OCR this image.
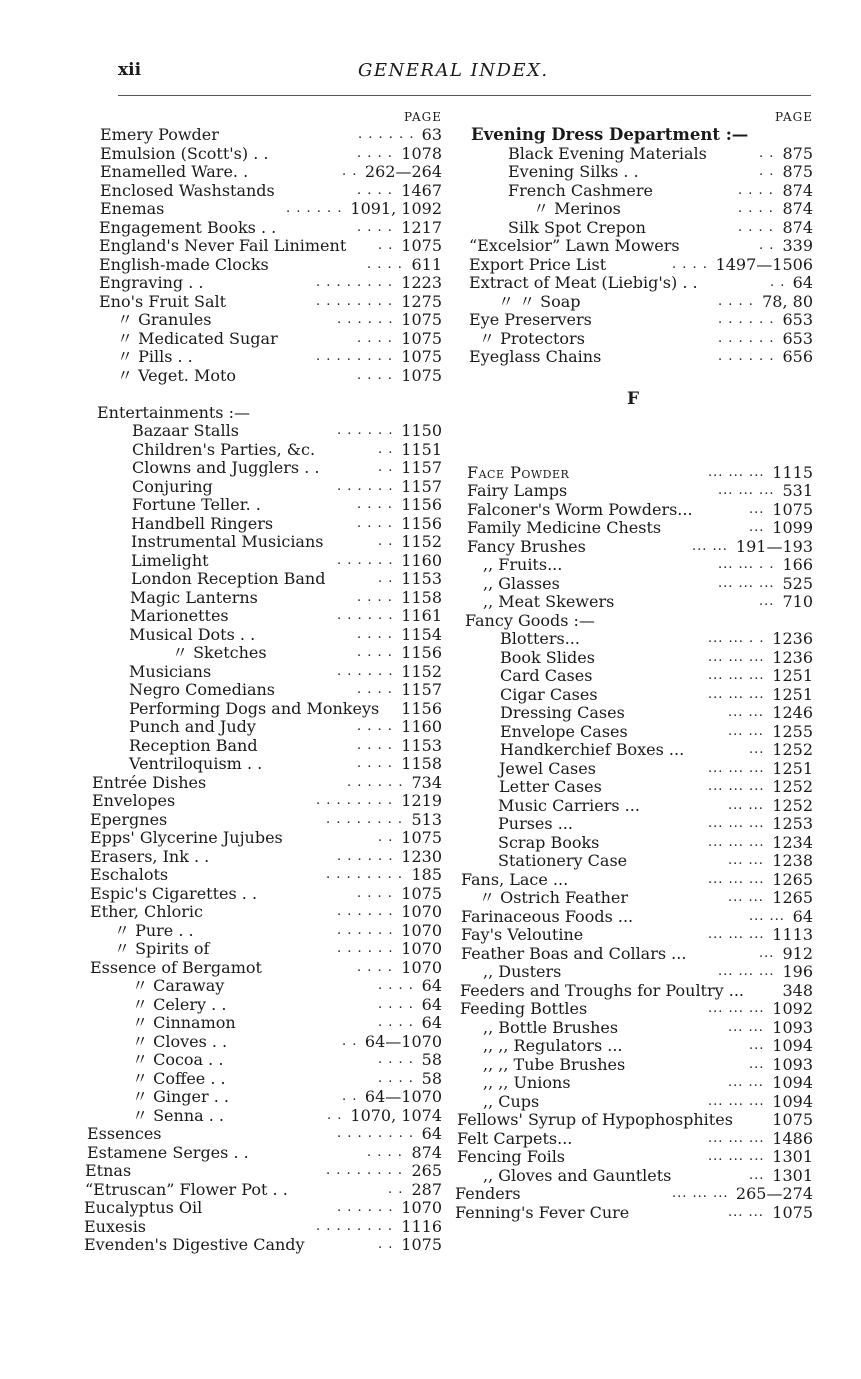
xii	GENERAL INDEX.
PAGE
Emery Powder	. . . . . . 63
Emulsion (Scott's) . .	. . . . 1078
Enamelled Ware. .	. . 262—264
Enclosed Washstands	. . . . 1467
Enemas	. . . . . . 1091, 1092
Engagement Books . .	. . . . 1217
England's Never Fail Liniment . . 1075
English-made Clocks	. . . . 611
Engraving . .	. . . . . . . . 1223
Eno's Fruit Salt	. . . . . . . . 1275
〃 Granules	. . . . . . 1075
〃 Medicated Sugar	. . . . 1075
〃 Pills . .	. . . . . . . . 1075
〃 Veget. Moto	. . . . 1075
Entertainments :—
Bazaar Stalls	. . . . . . 1150
Children's Parties, &c.	. . 1151
Clowns and Jugglers . .	. . 1157
Conjuring	. . . . . . 1157
Fortune Teller. .	. . . . 1156
Handbell Ringers	. . . . 1156
Instrumental Musicians	. . 1152
Limelight	. . . . . . 1160
London Reception Band	. . 1153
Magic Lanterns	. . . . 1158
Marionettes	. . . . . . 1161
Musical Dots . .	. . . . 1154
〃 Sketches	. . . . 1156
Musicians	. . . . . . 1152
Negro Comedians	. . . . 1157
Performing Dogs and Monkeys 1156
Punch and Judy	. . . . 1160
Reception Band	. . . . 1153
Ventriloquism . .	. . . . 1158
Entrée Dishes	. . . . . . 734
Envelopes	. . . . . . . . 1219
Epergnes	. . . . . . . . 513
Epps' Glycerine Jujubes	. . 1075
Erasers, Ink . .	. . . . . . 1230
Eschalots	. . . . . . . . 185
Espic's Cigarettes . .	. . . . 1075
Ether, Chloric	. . . . . . 1070
〃 Pure . .	. . . . . . 1070
〃 Spirits of	. . . . . . 1070
Essence of Bergamot	. . . . 1070
〃 Caraway	. . . . 64
〃 Celery . .	. . . . 64
〃 Cinnamon	. . . . 64
〃 Cloves . .	. . 64—1070
〃 Cocoa . .	. . . . 58
〃 Coffee . .	. . . . 58
〃 Ginger . .	. . 64—1070
〃 Senna . .	. . 1070, 1074
Essences	. . . . . . . . 64
Estamene Serges . .	. . . . 874
Etnas	. . . . . . . . 265
“Etruscan” Flower Pot . .	. . 287
Eucalyptus Oil	. . . . . . 1070
Euxesis	. . . . . . . . 1116
Evenden's Digestive Candy	. . 1075
PAGE
Evening Dress Department :—
Black Evening Materials	. . 875
Evening Silks . .	. . 875
French Cashmere	. . . . 874
〃 Merinos	. . . . 874
Silk Spot Crepon	. . . . 874
“Excelsior” Lawn Mowers	. . 339
Export Price List	. . . . 1497—1506
Extract of Meat (Liebig's) . .	. . 64
〃 〃 Soap	. . . . 78, 80
Eye Preservers	. . . . . . 653
〃 Protectors	. . . . . . 653
Eyeglass Chains	. . . . . . 656
F
Face Powder	... ... ... 1115
Fairy Lamps	... ... ... 531
Falconer's Worm Powders...	... 1075
Family Medicine Chests	... 1099
Fancy Brushes	... ... 191—193
,, Fruits...	... ... . . 166
,, Glasses	... ... ... 525
,, Meat Skewers	... 710
Fancy Goods :—
Blotters...	... ... . . 1236
Book Slides	... ... ... 1236
Card Cases	... ... ... 1251
Cigar Cases	... ... ... 1251
Dressing Cases	... ... 1246
Envelope Cases	... ... 1255
Handkerchief Boxes ...	... 1252
Jewel Cases	... ... ... 1251
Letter Cases	... ... ... 1252
Music Carriers ...	... ... 1252
Purses ...	... ... ... 1253
Scrap Books	... ... ... 1234
Stationery Case	... ... 1238
Fans, Lace ...	... ... ... 1265
〃 Ostrich Feather	... ... 1265
Farinaceous Foods ...	... ... 64
Fay's Veloutine	... ... ... 1113
Feather Boas and Collars ...	... 912
,, Dusters	... ... ... 196
Feeders and Troughs for Poultry ... 348
Feeding Bottles	... ... ... 1092
,, Bottle Brushes	... ... 1093
,, ,, Regulators ...	... 1094
,, ,, Tube Brushes	... 1093
,, ,, Unions	... ... 1094
,, Cups	... ... ... 1094
Fellows' Syrup of Hypophosphites 1075
Felt Carpets...	... ... ... 1486
Fencing Foils	... ... ... 1301
,, Gloves and Gauntlets	... 1301
Fenders	... ... ... 265—274
Fenning's Fever Cure	... ... 1075
